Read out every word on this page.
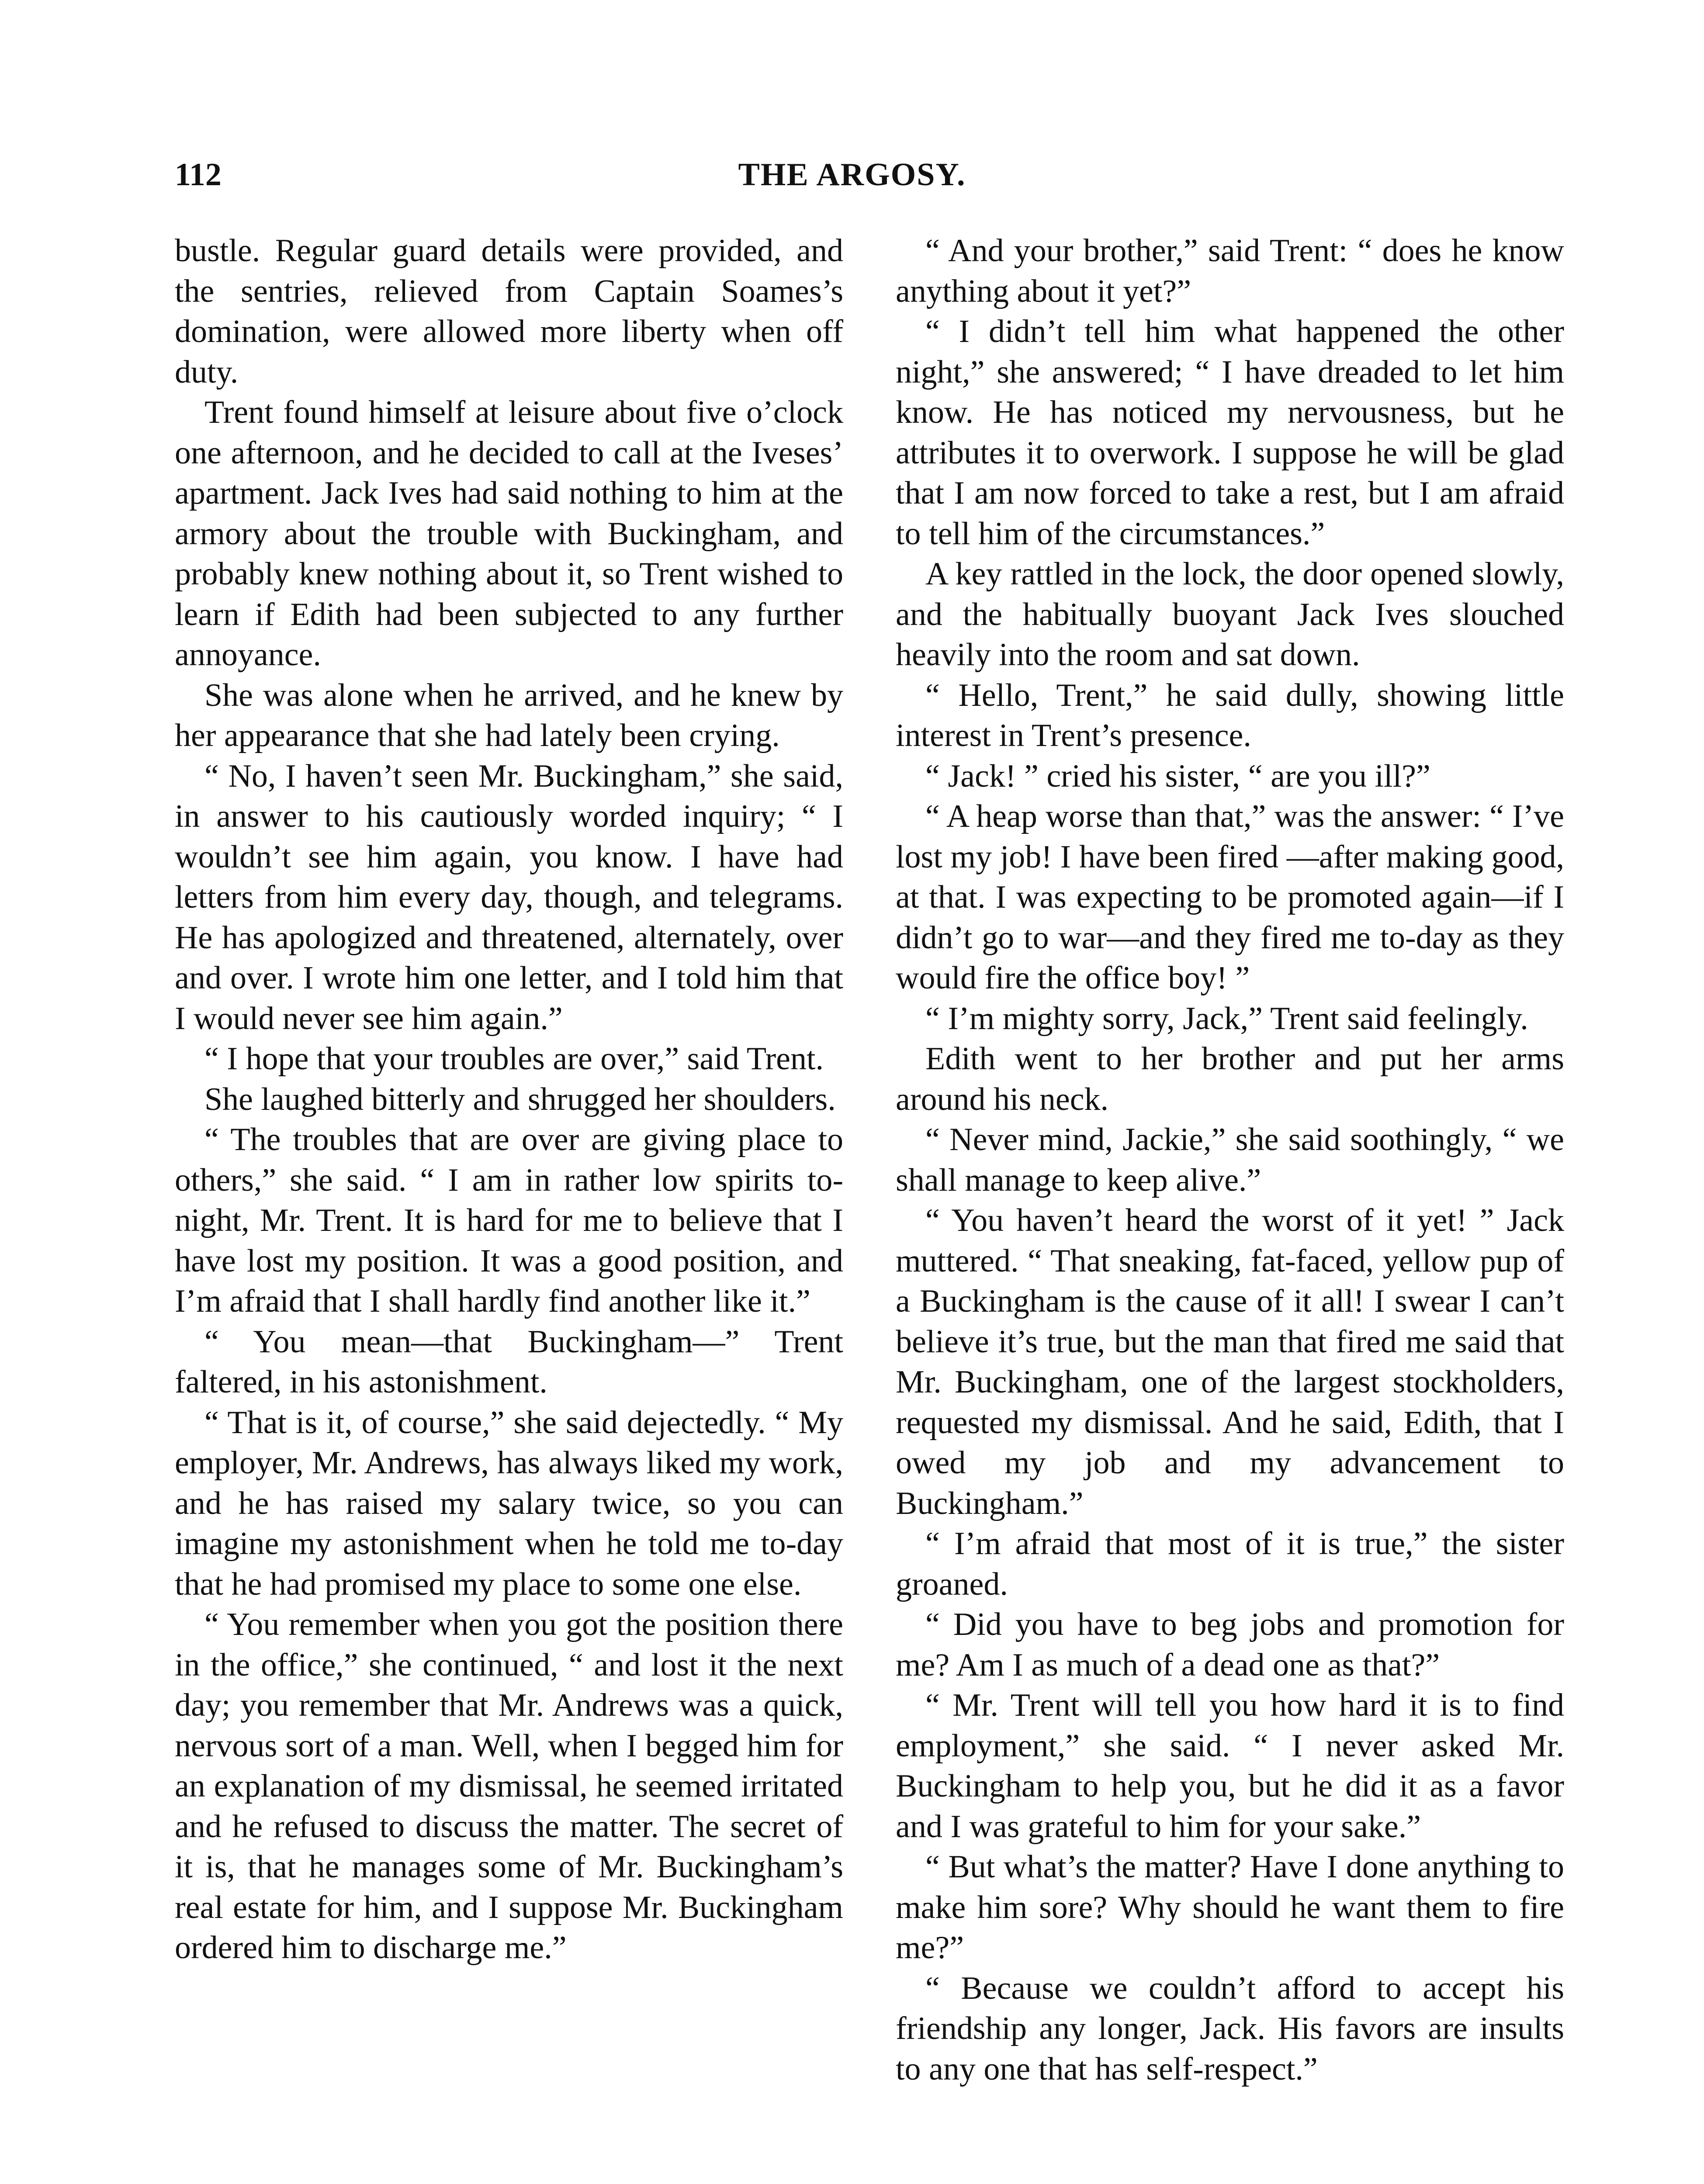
112	THE ARGOSY.

bustle. Regular guard details were provided, and the sentries, relieved from Captain Soames’s domination, were allowed more liberty when off duty.

Trent found himself at leisure about five o’clock one afternoon, and he decided to call at the Iveses’ apartment. Jack Ives had said nothing to him at the armory about the trouble with Buckingham, and probably knew nothing about it, so Trent wished to learn if Edith had been subjected to any further annoyance.

She was alone when he arrived, and he knew by her appearance that she had lately been crying.

“ No, I haven’t seen Mr. Buckingham,” she said, in answer to his cautiously worded inquiry; “ I wouldn’t see him again, you know. I have had letters from him every day, though, and telegrams. He has apologized and threatened, alternately, over and over. I wrote him one letter, and I told him that I would never see him again.”

“ I hope that your troubles are over,” said Trent.

She laughed bitterly and shrugged her shoulders.

“ The troubles that are over are giving place to others,” she said. “ I am in rather low spirits to-night, Mr. Trent. It is hard for me to believe that I have lost my position. It was a good position, and I’m afraid that I shall hardly find another like it.”

“ You mean—that Buckingham—” Trent faltered, in his astonishment.

“ That is it, of course,” she said dejectedly. “ My employer, Mr. Andrews, has always liked my work, and he has raised my salary twice, so you can imagine my astonishment when he told me to-day that he had promised my place to some one else.

“ You remember when you got the position there in the office,” she continued, “ and lost it the next day; you remember that Mr. Andrews was a quick, nervous sort of a man. Well, when I begged him for an explanation of my dismissal, he seemed irritated and he refused to discuss the matter. The secret of it is, that he manages some of Mr. Buckingham’s real estate for him, and I suppose Mr. Buckingham ordered him to discharge me.”

“ And your brother,” said Trent: “ does he know anything about it yet?”

“ I didn’t tell him what happened the other night,” she answered; “ I have dreaded to let him know. He has noticed my nervousness, but he attributes it to overwork. I suppose he will be glad that I am now forced to take a rest, but I am afraid to tell him of the circumstances.”

A key rattled in the lock, the door opened slowly, and the habitually buoyant Jack Ives slouched heavily into the room and sat down.

“ Hello, Trent,” he said dully, showing little interest in Trent’s presence.

“ Jack! ” cried his sister, “ are you ill?”

“ A heap worse than that,” was the answer: “ I’ve lost my job! I have been fired —after making good, at that. I was expecting to be promoted again—if I didn’t go to war—and they fired me to-day as they would fire the office boy! ”

“ I’m mighty sorry, Jack,” Trent said feelingly.

Edith went to her brother and put her arms around his neck.

“ Never mind, Jackie,” she said soothingly, “ we shall manage to keep alive.”

“ You haven’t heard the worst of it yet! ” Jack muttered. “ That sneaking, fat-faced, yellow pup of a Buckingham is the cause of it all! I swear I can’t believe it’s true, but the man that fired me said that Mr. Buckingham, one of the largest stockholders, requested my dismissal. And he said, Edith, that I owed my job and my advancement to Buckingham.”

“ I’m afraid that most of it is true,” the sister groaned.

“ Did you have to beg jobs and promotion for me? Am I as much of a dead one as that?”

“ Mr. Trent will tell you how hard it is to find employment,” she said. “ I never asked Mr. Buckingham to help you, but he did it as a favor and I was grateful to him for your sake.”

“ But what’s the matter? Have I done anything to make him sore? Why should he want them to fire me?”

“ Because we couldn’t afford to accept his friendship any longer, Jack. His favors are insults to any one that has self-respect.”
